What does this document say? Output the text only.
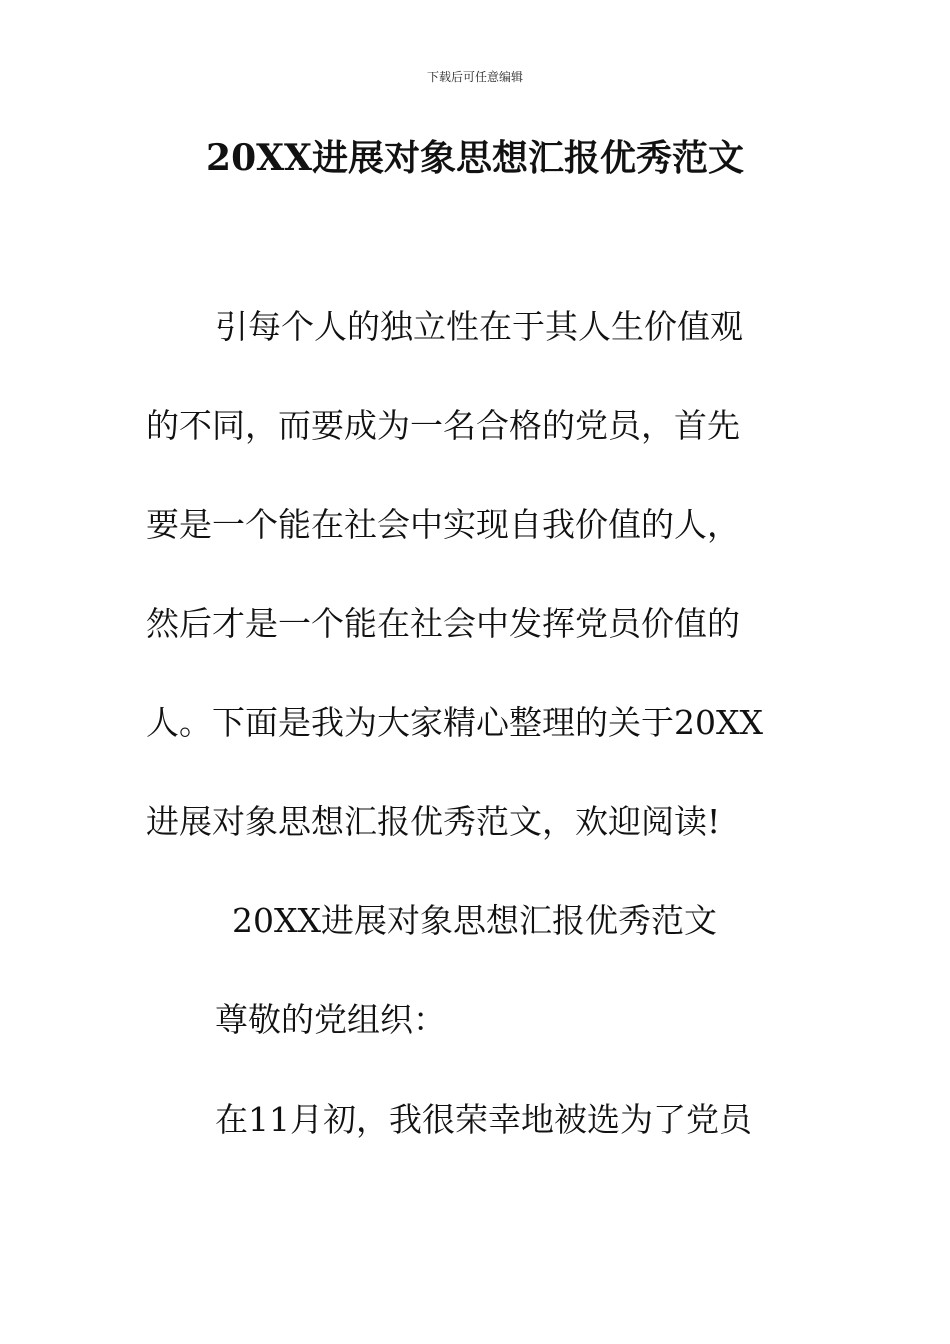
下载后可任意编辑
20XX进展对象思想汇报优秀范文
引每个人的独立性在于其人生价值观
的不同，而要成为一名合格的党员，首先
要是一个能在社会中实现自我价值的人，
然后才是一个能在社会中发挥党员价值的
人。下面是我为大家精心整理的关于20XX
进展对象思想汇报优秀范文，欢迎阅读!
20XX进展对象思想汇报优秀范文
尊敬的党组织：
在11月初，我很荣幸地被选为了党员
